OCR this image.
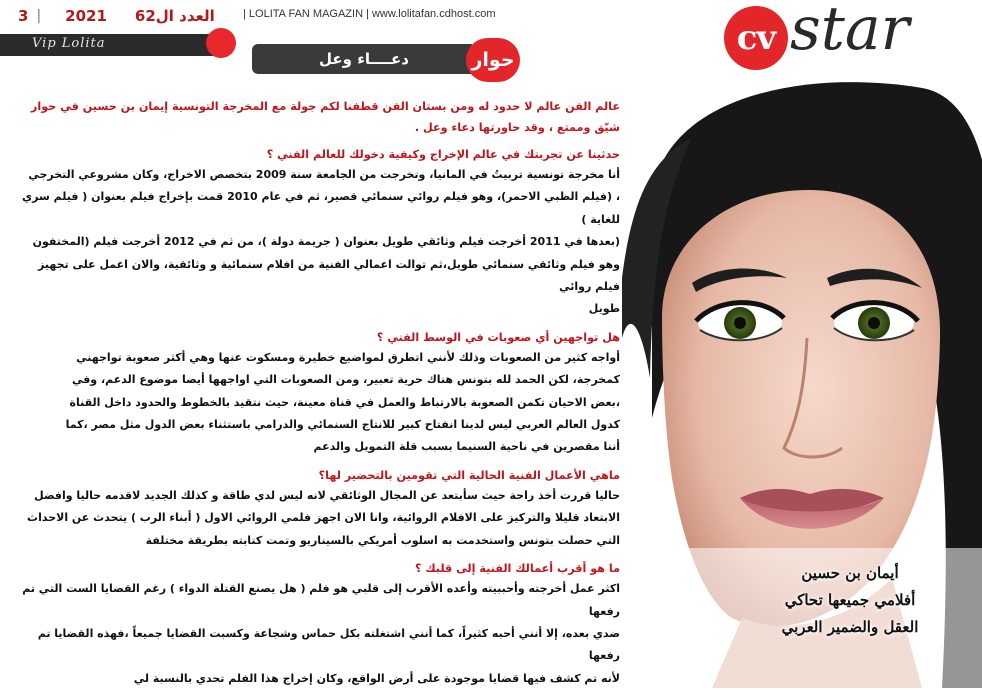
3 | 2021 العدد ال62	| LOLITA FAN MAGAZIN | www.lolitafan.cdhost.com
Vip Lolita
دعــــاء وعل	حوار
cv star
أيمان بن حسين
أفلامي جميعها تحاكي
العقل والضمير العربي
عالم الفن عالم لا حدود له ومن بستان الفن قطفنا لكم جولة مع المخرجة التونسية إيمان بن حسين في حوار شيّق وممتع ، وقد حاورتها دعاء وعل .
حدثينا عن تجربتك في عالم الإخراج وكيفية دخولك للعالم الفني ؟

أنا مخرجة تونسية تربيتُ في المانيا، وتخرجت من الجامعة سنة 2009 بتخصص الاخراج، وكان مشروعي التخرجي

، (فيلم الظبي الاحمر)، وهو فيلم روائي سنمائي قصير، ثم في عام 2010 قمت بإخراج فيلم بعنوان ( فيلم سري للغاية )

(بعدها في 2011 أخرجت فيلم وثائقي طويل بعنوان ( جريمة دولة )، من ثم في 2012 أخرجت فيلم (المختفون

وهو فيلم وثائقي سنمائي طويل،ثم توالت اعمالي الفنية من افلام سنمائية و وثائقية، والان اعمل على تجهيز فيلم روائي

طويل

هل تواجهين أي صعوبات في الوسط الفني ؟

أواجه كثير من الصعوبات وذلك لأنني اتطرق لمواضيع خطيرة ومسكوت عنها وهي أكثر صعوبة تواجهني

كمخرجة، لكن الحمد لله بتونس هناك حرية تعبير، ومن الصعوبات التي اواجهها أيضا موضوع الدعم، وفي

،بعض الاحيان تكمن الصعوبة بالارتباط والعمل في قناة معينة، حيث نتقيد بالخطوط والحدود داخل القناة

كدول العالم العربي ليس لدينا انفتاح كبير للانتاج السنمائي والدرامي باستثناء بعض الدول مثل مصر ،كما

أننا مقصرين في ناحية السنيما بسبب قلة التمويل والدعم

ماهي الأعمال الفنية الحالية التي تقومين بالتحضير لها؟

حاليا قررت أخذ راحة حيث سأبتعد عن المجال الوثائقي لانه ليس لدي طاقة و كذلك الجديد لاقدمه حاليا وافضل

الابتعاد قليلا والتركيز على الافلام الروائية، وانا الان اجهز فلمي الروائي الاول ( أبناء الرب ) يتحدث عن الاحداث

التي حصلت بتونس واستخدمت به اسلوب أمريكي بالسيناريو وتمت كتابته بطريقة مختلفة

ما هو أقرب أعمالك الفنية إلى قلبك ؟

اكثر عمل أخرجته وأحببيته وأعده الأقرب إلى قلبي هو فلم ( هل يصنع القتلة الدواء ) رغم القضايا الست التي تم رفعها

ضدي بعده، إلا أنني أحبه كثيراً، كما أنني اشتغلته بكل حماس وشجاعة وكسبت القضايا جميعاً ،فهذه القضايا تم رفعها

لأنه تم كشف فيها قضايا موجودة على أرض الواقع، وكان إخراج هذا الفلم تحدي بالنسبة لي
